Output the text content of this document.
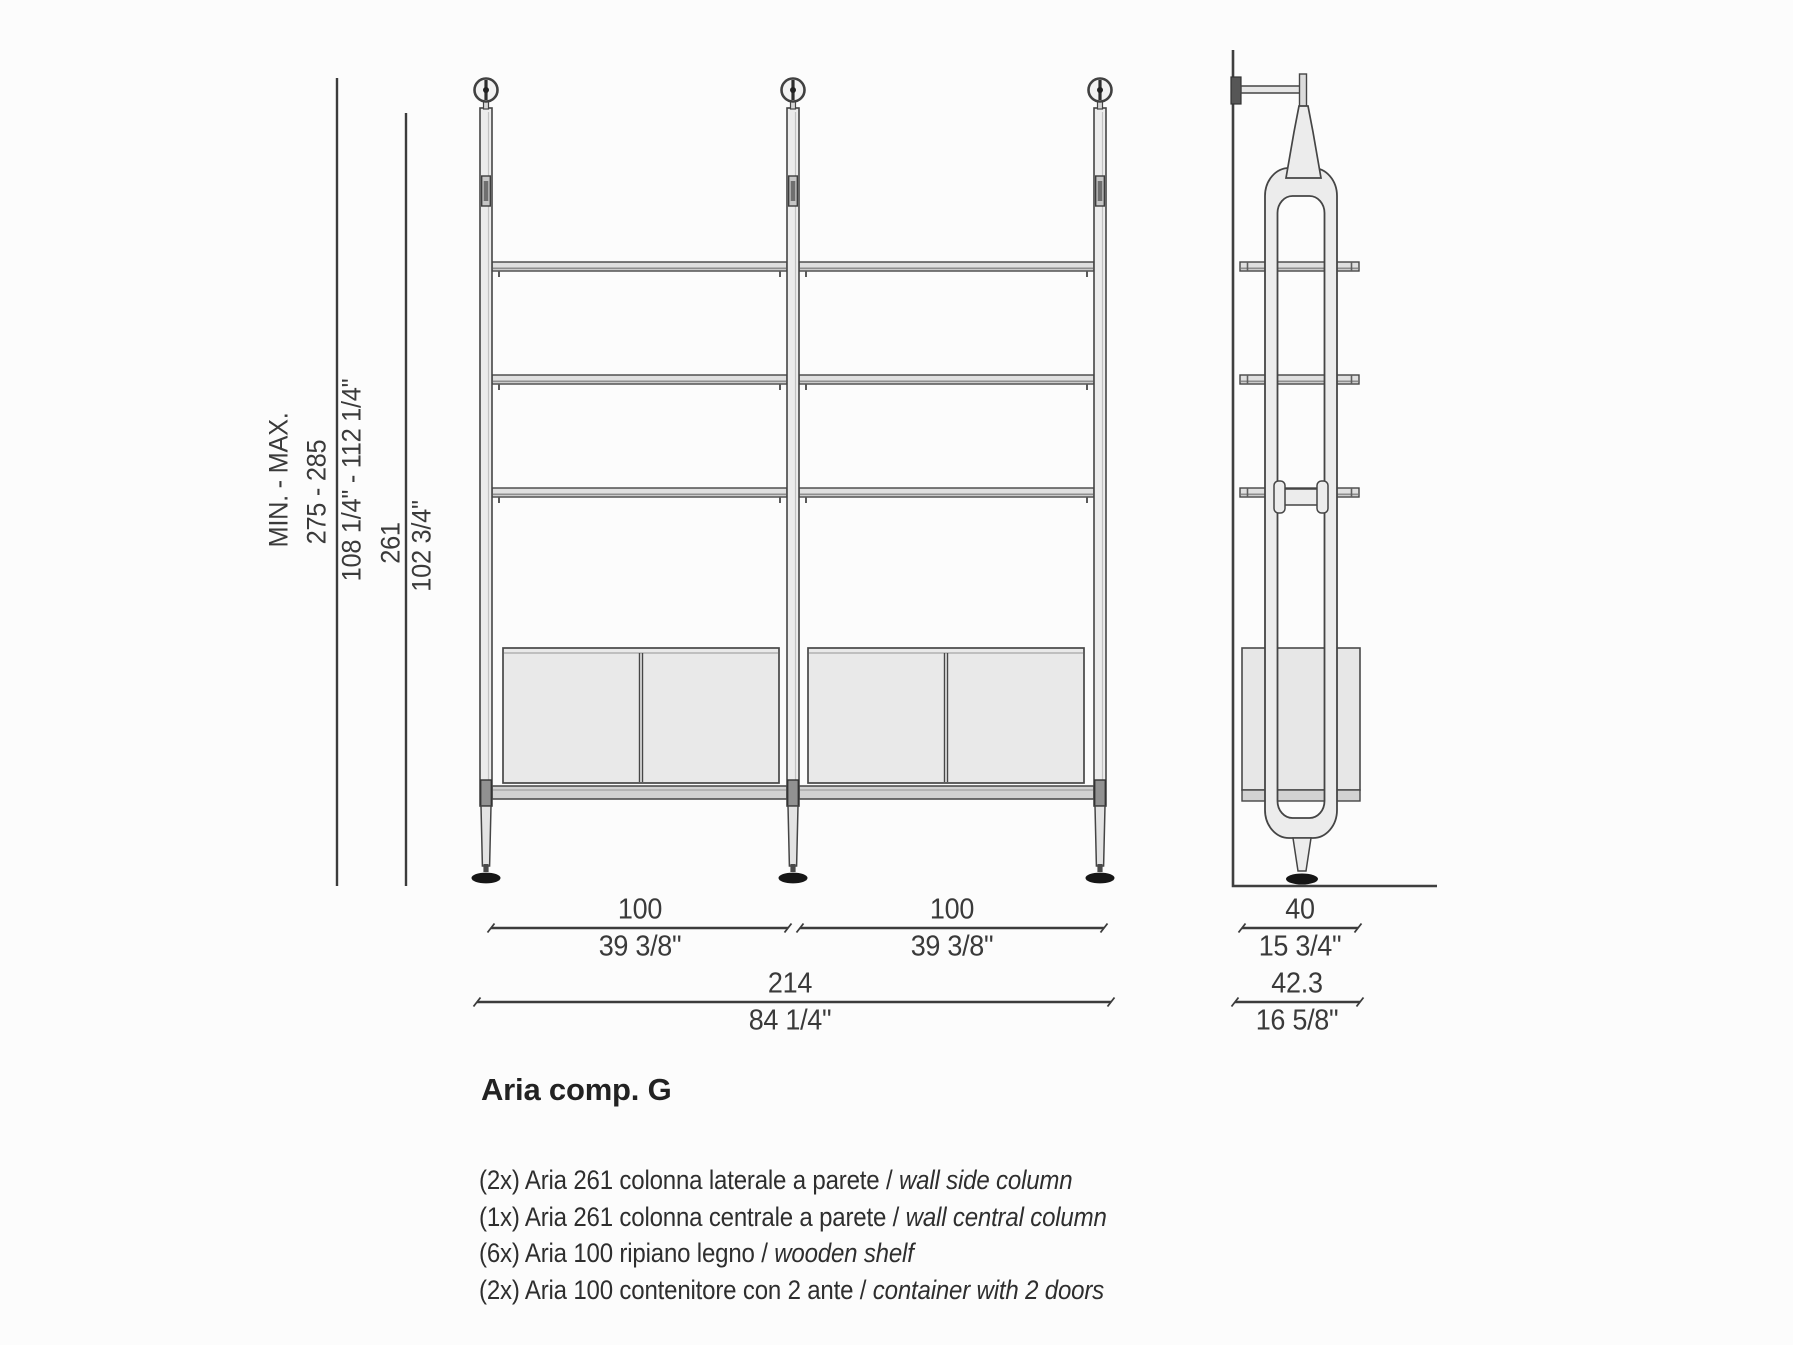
MIN. - MAX. 275 - 285 108 1/4" - 112 1/4" 261 102 3/4"
100
39 3/8"
100
39 3/8"
214
84 1/4"
40
15 3/4"
42.3
16 5/8"
Aria comp. G
(2x) Aria 261 colonna laterale a parete / wall side column
(1x) Aria 261 colonna centrale a parete / wall central column
(6x) Aria 100 ripiano legno / wooden shelf
(2x) Aria 100 contenitore con 2 ante / container with 2 doors
